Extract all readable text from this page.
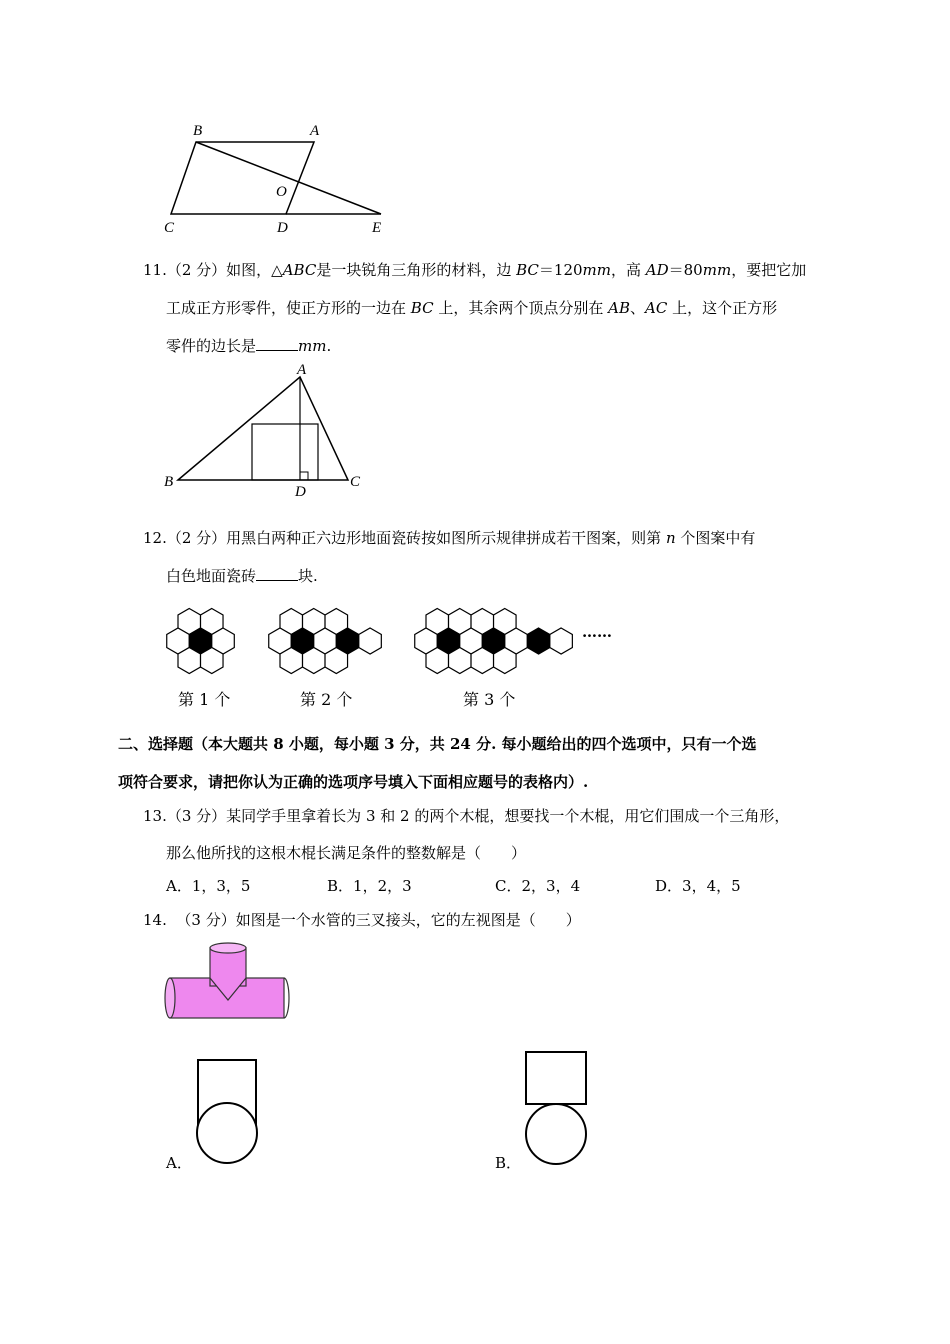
B	A
O
C	D	E
11.（2 分）如图，△ABC是一块锐角三角形的材料，边 BC＝120mm，高 AD＝80mm，要把它加
工成正方形零件，使正方形的一边在 BC 上，其余两个顶点分别在 AB、AC 上，这个正方形
零件的边长是	mm.
A
B
D
C
12.（2 分）用黑白两种正六边形地面瓷砖按如图所示规律拼成若干图案，则第 n 个图案中有
白色地面瓷砖	块.
第 1 个	第 2 个	第 3 个
……
二、选择题（本大题共 8 小题，每小题 3 分，共 24 分. 每小题给出的四个选项中，只有一个选
项符合要求，请把你认为正确的选项序号填入下面相应题号的表格内）.
13.（3 分）某同学手里拿着长为 3 和 2 的两个木棍，想要找一个木棍，用它们围成一个三角形，
那么他所找的这根木棍长满足条件的整数解是（　　）
A．1，3，5	B．1，2，3	C．2，3，4	D．3，4，5
14. （3 分）如图是一个水管的三叉接头，它的左视图是（　　）
A．	B．
